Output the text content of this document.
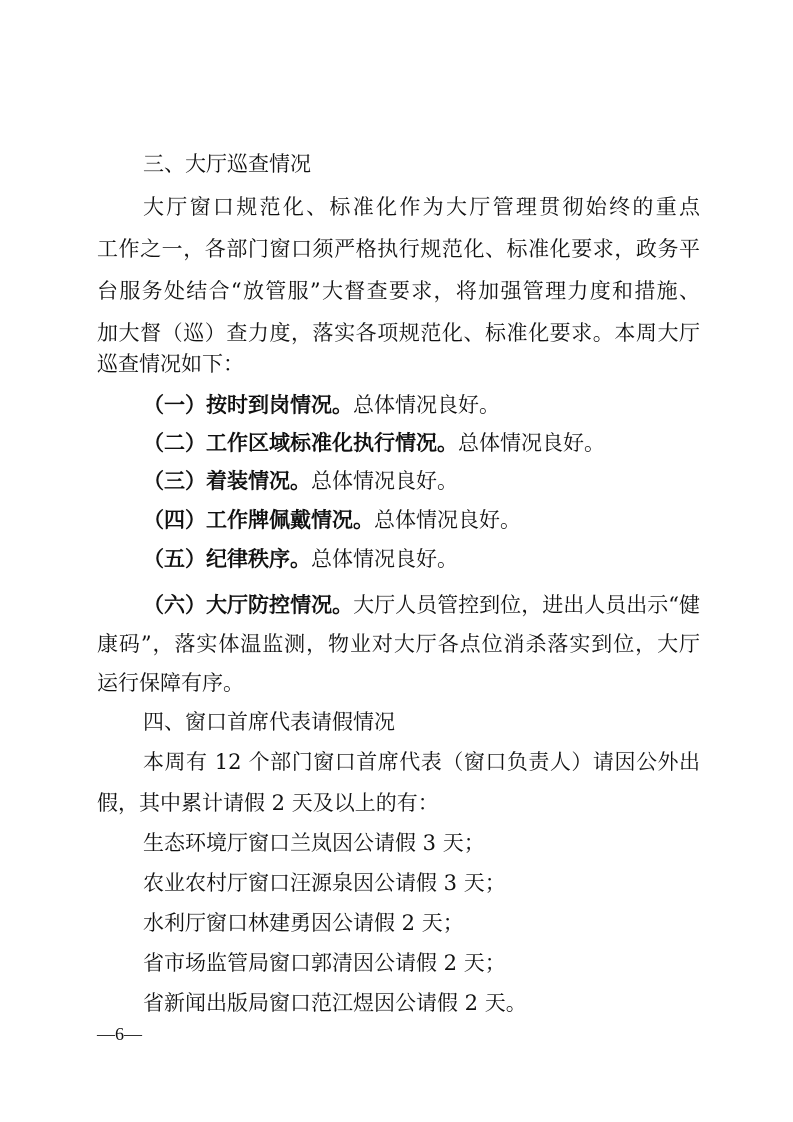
三、大厅巡查情况
大厅窗口规范化、标准化作为大厅管理贯彻始终的重点
工作之一，各部门窗口须严格执行规范化、标准化要求，政务平
台服务处结合“放管服”大督查要求，将加强管理力度和措施、
加大督（巡）查力度，落实各项规范化、标准化要求。本周大厅
巡查情况如下：
（一）按时到岗情况。总体情况良好。
（二）工作区域标准化执行情况。总体情况良好。
（三）着装情况。总体情况良好。
（四）工作牌佩戴情况。总体情况良好。
（五）纪律秩序。总体情况良好。
（六）大厅防控情况。大厅人员管控到位，进出人员出示“健
康码”，落实体温监测，物业对大厅各点位消杀落实到位，大厅
运行保障有序。
四、窗口首席代表请假情况
本周有 12 个部门窗口首席代表（窗口负责人）请因公外出
假，其中累计请假 2 天及以上的有：
生态环境厅窗口兰岚因公请假 3 天；
农业农村厅窗口汪源泉因公请假 3 天；
水利厅窗口林建勇因公请假 2 天；
省市场监管局窗口郭清因公请假 2 天；
省新闻出版局窗口范江煜因公请假 2 天。
—6—
